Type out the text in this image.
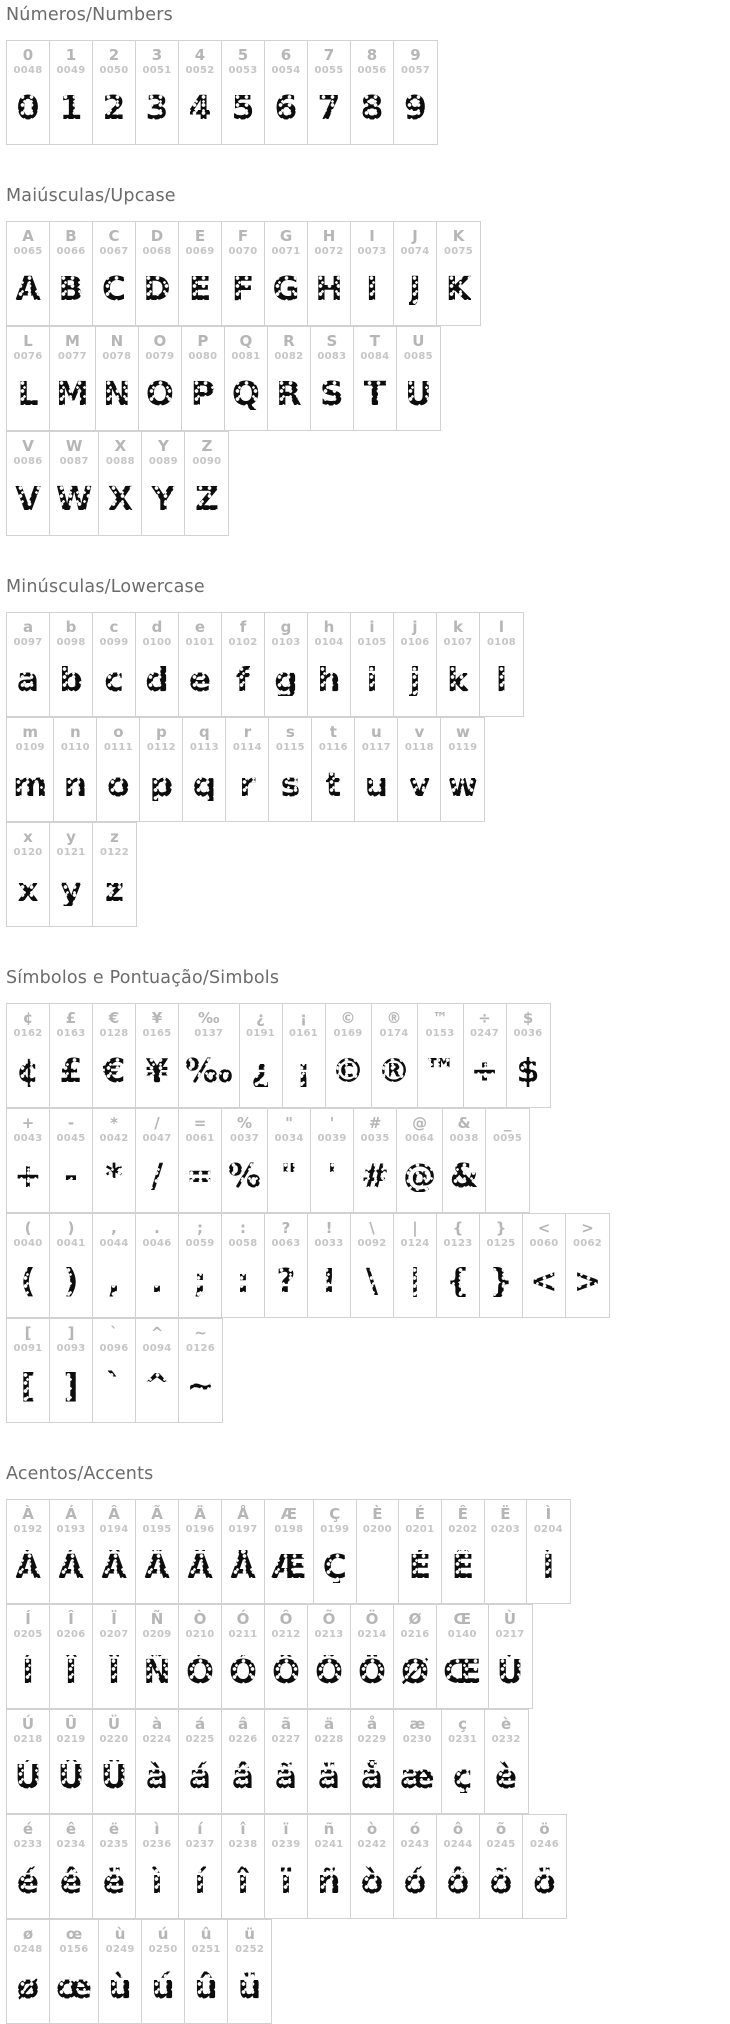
Números/Numbers
0
0048
0
1
0049
1
2
0050
2
3
0051
3
4
0052
4
5
0053
5
6
0054
6
7
0055
7
8
0056
8
9
0057
9
Maiúsculas/Upcase
A
0065
A
B
0066
B
C
0067
C
D
0068
D
E
0069
E
F
0070
F
G
0071
G
H
0072
H
I
0073
I
J
0074
J
K
0075
K
L
0076
L
M
0077
M
N
0078
N
O
0079
O
P
0080
P
Q
0081
Q
R
0082
R
S
0083
S
T
0084
T
U
0085
U
V
0086
V
W
0087
W
X
0088
X
Y
0089
Y
Z
0090
Z
Minúsculas/Lowercase
a
0097
a
b
0098
b
c
0099
c
d
0100
d
e
0101
e
f
0102
f
g
0103
g
h
0104
h
i
0105
i
j
0106
j
k
0107
k
l
0108
l
m
0109
m
n
0110
n
o
0111
o
p
0112
p
q
0113
q
r
0114
r
s
0115
s
t
0116
t
u
0117
u
v
0118
v
w
0119
w
x
0120
x
y
0121
y
z
0122
z
Símbolos e Pontuação/Simbols
¢
0162
¢
£
0163
£
€
0128
€
¥
0165
¥
‰
0137
‰
¿
0191
¿
¡
0161
¡
©
0169
©
®
0174
®
™
0153
™
÷
0247
÷
$
0036
$
+
0043
+
-
0045
-
*
0042
*
/
0047
/
=
0061
=
%
0037
%
"
0034
"
'
0039
'
#
0035
#
@
0064
@
&
0038
&
_
0095
_
(
0040
(
)
0041
)
,
0044
,
.
0046
.
;
0059
;
:
0058
:
?
0063
?
!
0033
!
\
0092
\
|
0124
|
{
0123
{
}
0125
}
<
0060
<
>
0062
>
[
0091
[
]
0093
]
`
0096
`
^
0094
^
~
0126
~
Acentos/Accents
À
0192
À
Á
0193
Á
Â
0194
Â
Ã
0195
Ã
Ä
0196
Ä
Å
0197
Å
Æ
0198
Æ
Ç
0199
Ç
È
0200
É
0201
É
Ê
0202
Ê
Ë
0203
Ì
0204
Ì
Í
0205
Í
Î
0206
Î
Ï
0207
Ï
Ñ
0209
Ñ
Ò
0210
Ò
Ó
0211
Ó
Ô
0212
Ô
Õ
0213
Õ
Ö
0214
Ö
Ø
0216
Ø
Œ
0140
Œ
Ù
0217
Ù
Ú
0218
Ú
Û
0219
Û
Ü
0220
Ü
à
0224
à
á
0225
á
â
0226
â
ã
0227
ã
ä
0228
ä
å
0229
å
æ
0230
æ
ç
0231
ç
è
0232
è
é
0233
é
ê
0234
ê
ë
0235
ë
ì
0236
ì
í
0237
í
î
0238
î
ï
0239
ï
ñ
0241
ñ
ò
0242
ò
ó
0243
ó
ô
0244
ô
õ
0245
õ
ö
0246
ö
ø
0248
ø
œ
0156
œ
ù
0249
ù
ú
0250
ú
û
0251
û
ü
0252
ü
